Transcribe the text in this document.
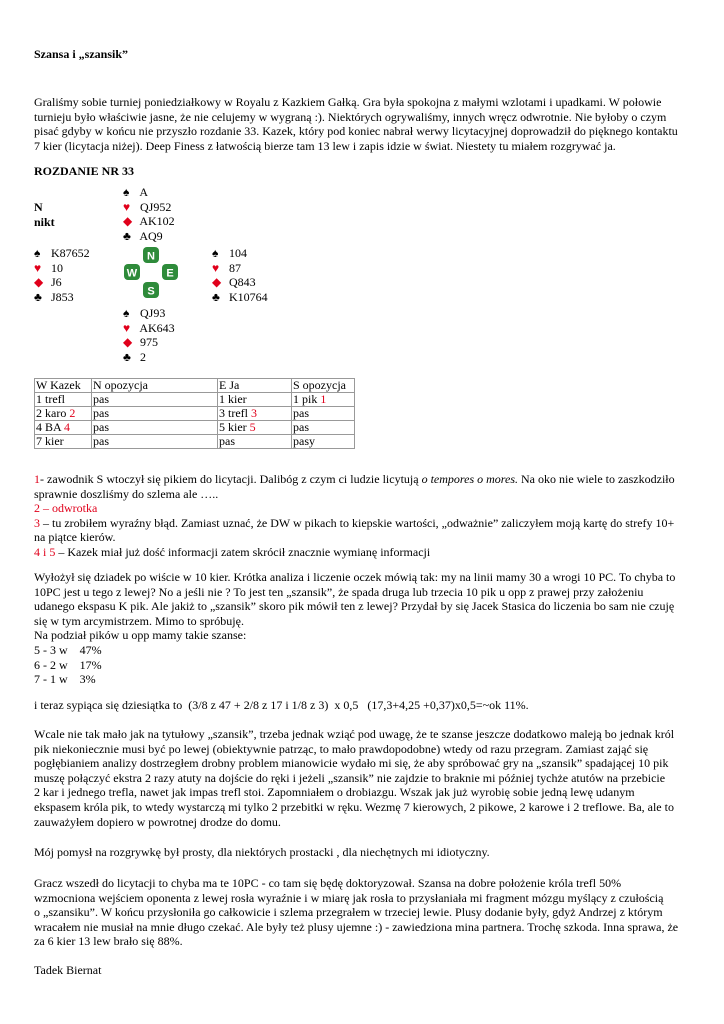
Szansa i „szansik”
Graliśmy sobie turniej poniedziałkowy w Royalu z Kazkiem Gałką. Gra była spokojna z małymi wzlotami i upadkami. W połowie
turnieju było właściwie jasne, że nie celujemy w wygraną :). Niektórych ogrywaliśmy, innych wręcz odwrotnie. Nie byłoby o czym
pisać gdyby w końcu nie przyszło rozdanie 33. Kazek, który pod koniec nabrał werwy licytacyjnej doprowadził do pięknego kontaktu
7 kier (licytacja niżej). Deep Finess z łatwością bierze tam 13 lew i zapis idzie w świat. Niestety tu miałem rozgrywać ja.
ROZDANIE NR 33
N
nikt
♠ A
♥ QJ952
◆ AK102
♣ AQ9
♠ K87652
♥ 10
◆ J6
♣ J853
N
W	E
S
♠ 104
♥ 87
◆ Q843
♣ K10764
♠ QJ93
♥ AK643
◆ 975
♣ 2
W Kazek	N opozycja	E Ja	S opozycja
1 trefl	pas	1 kier	1 pik 1
2 karo 2	pas	3 trefl 3	pas
4 BA 4	pas	5 kier 5	pas
7 kier	pas	pas	pasy
1- zawodnik S wtoczył się pikiem do licytacji. Dalibóg z czym ci ludzie licytują o tempores o mores. Na oko nie wiele to zaszkodziło
sprawnie doszliśmy do szlema ale …..
2 – odwrotka
3 – tu zrobiłem wyraźny błąd. Zamiast uznać, że DW w pikach to kiepskie wartości, „odważnie” zaliczyłem moją kartę do strefy 10+
na piątce kierów.
4 i 5 – Kazek miał już dość informacji zatem skrócił znacznie wymianę informacji
Wyłożył się dziadek po wiście w 10 kier. Krótka analiza i liczenie oczek mówią tak: my na linii mamy 30 a wrogi 10 PC. To chyba to
10PC jest u tego z lewej? No a jeśli nie ? To jest ten „szansik”, że spada druga lub trzecia 10 pik u opp z prawej przy założeniu
udanego ekspasu K pik. Ale jakiż to „szansik” skoro pik mówił ten z lewej? Przydał by się Jacek Stasica do liczenia bo sam nie czuję
się w tym arcymistrzem. Mimo to spróbuję.
Na podział pików u opp mamy takie szanse:
5 - 3 w    47%
6 - 2 w    17%
7 - 1 w    3%
i teraz sypiąca się dziesiątka to  (3/8 z 47 + 2/8 z 17 i 1/8 z 3)  x 0,5   (17,3+4,25 +0,37)x0,5=~ok 11%.
Wcale nie tak mało jak na tytułowy „szansik”, trzeba jednak wziąć pod uwagę, że te szanse jeszcze dodatkowo maleją bo jednak król
pik niekoniecznie musi być po lewej (obiektywnie patrząc, to mało prawdopodobne) wtedy od razu przegram. Zamiast zająć się
pogłębianiem analizy dostrzegłem drobny problem mianowicie wydało mi się, że aby spróbować gry na „szansik” spadającej 10 pik
muszę połączyć ekstra 2 razy atuty na dojście do ręki i jeżeli „szansik” nie zajdzie to braknie mi później tychże atutów na przebicie
2 kar i jednego trefla, nawet jak impas trefl stoi. Zapomniałem o drobiazgu. Wszak jak już wyrobię sobie jedną lewę udanym
ekspasem króla pik, to wtedy wystarczą mi tylko 2 przebitki w ręku. Wezmę 7 kierowych, 2 pikowe, 2 karowe i 2 treflowe. Ba, ale to
zauważyłem dopiero w powrotnej drodze do domu.
Mój pomysł na rozgrywkę był prosty, dla niektórych prostacki , dla niechętnych mi idiotyczny.
Gracz wszedł do licytacji to chyba ma te 10PC - co tam się będę doktoryzował. Szansa na dobre położenie króla trefl 50%
wzmocniona wejściem oponenta z lewej rosła wyraźnie i w miarę jak rosła to przysłaniała mi fragment mózgu myślący z czułością
o „szansiku”. W końcu przysłoniła go całkowicie i szlema przegrałem w trzeciej lewie. Plusy dodanie były, gdyż Andrzej z którym
wracałem nie musiał na mnie długo czekać. Ale były też plusy ujemne :) - zawiedziona mina partnera. Trochę szkoda. Inna sprawa, że
za 6 kier 13 lew brało się 88%.
Tadek Biernat
